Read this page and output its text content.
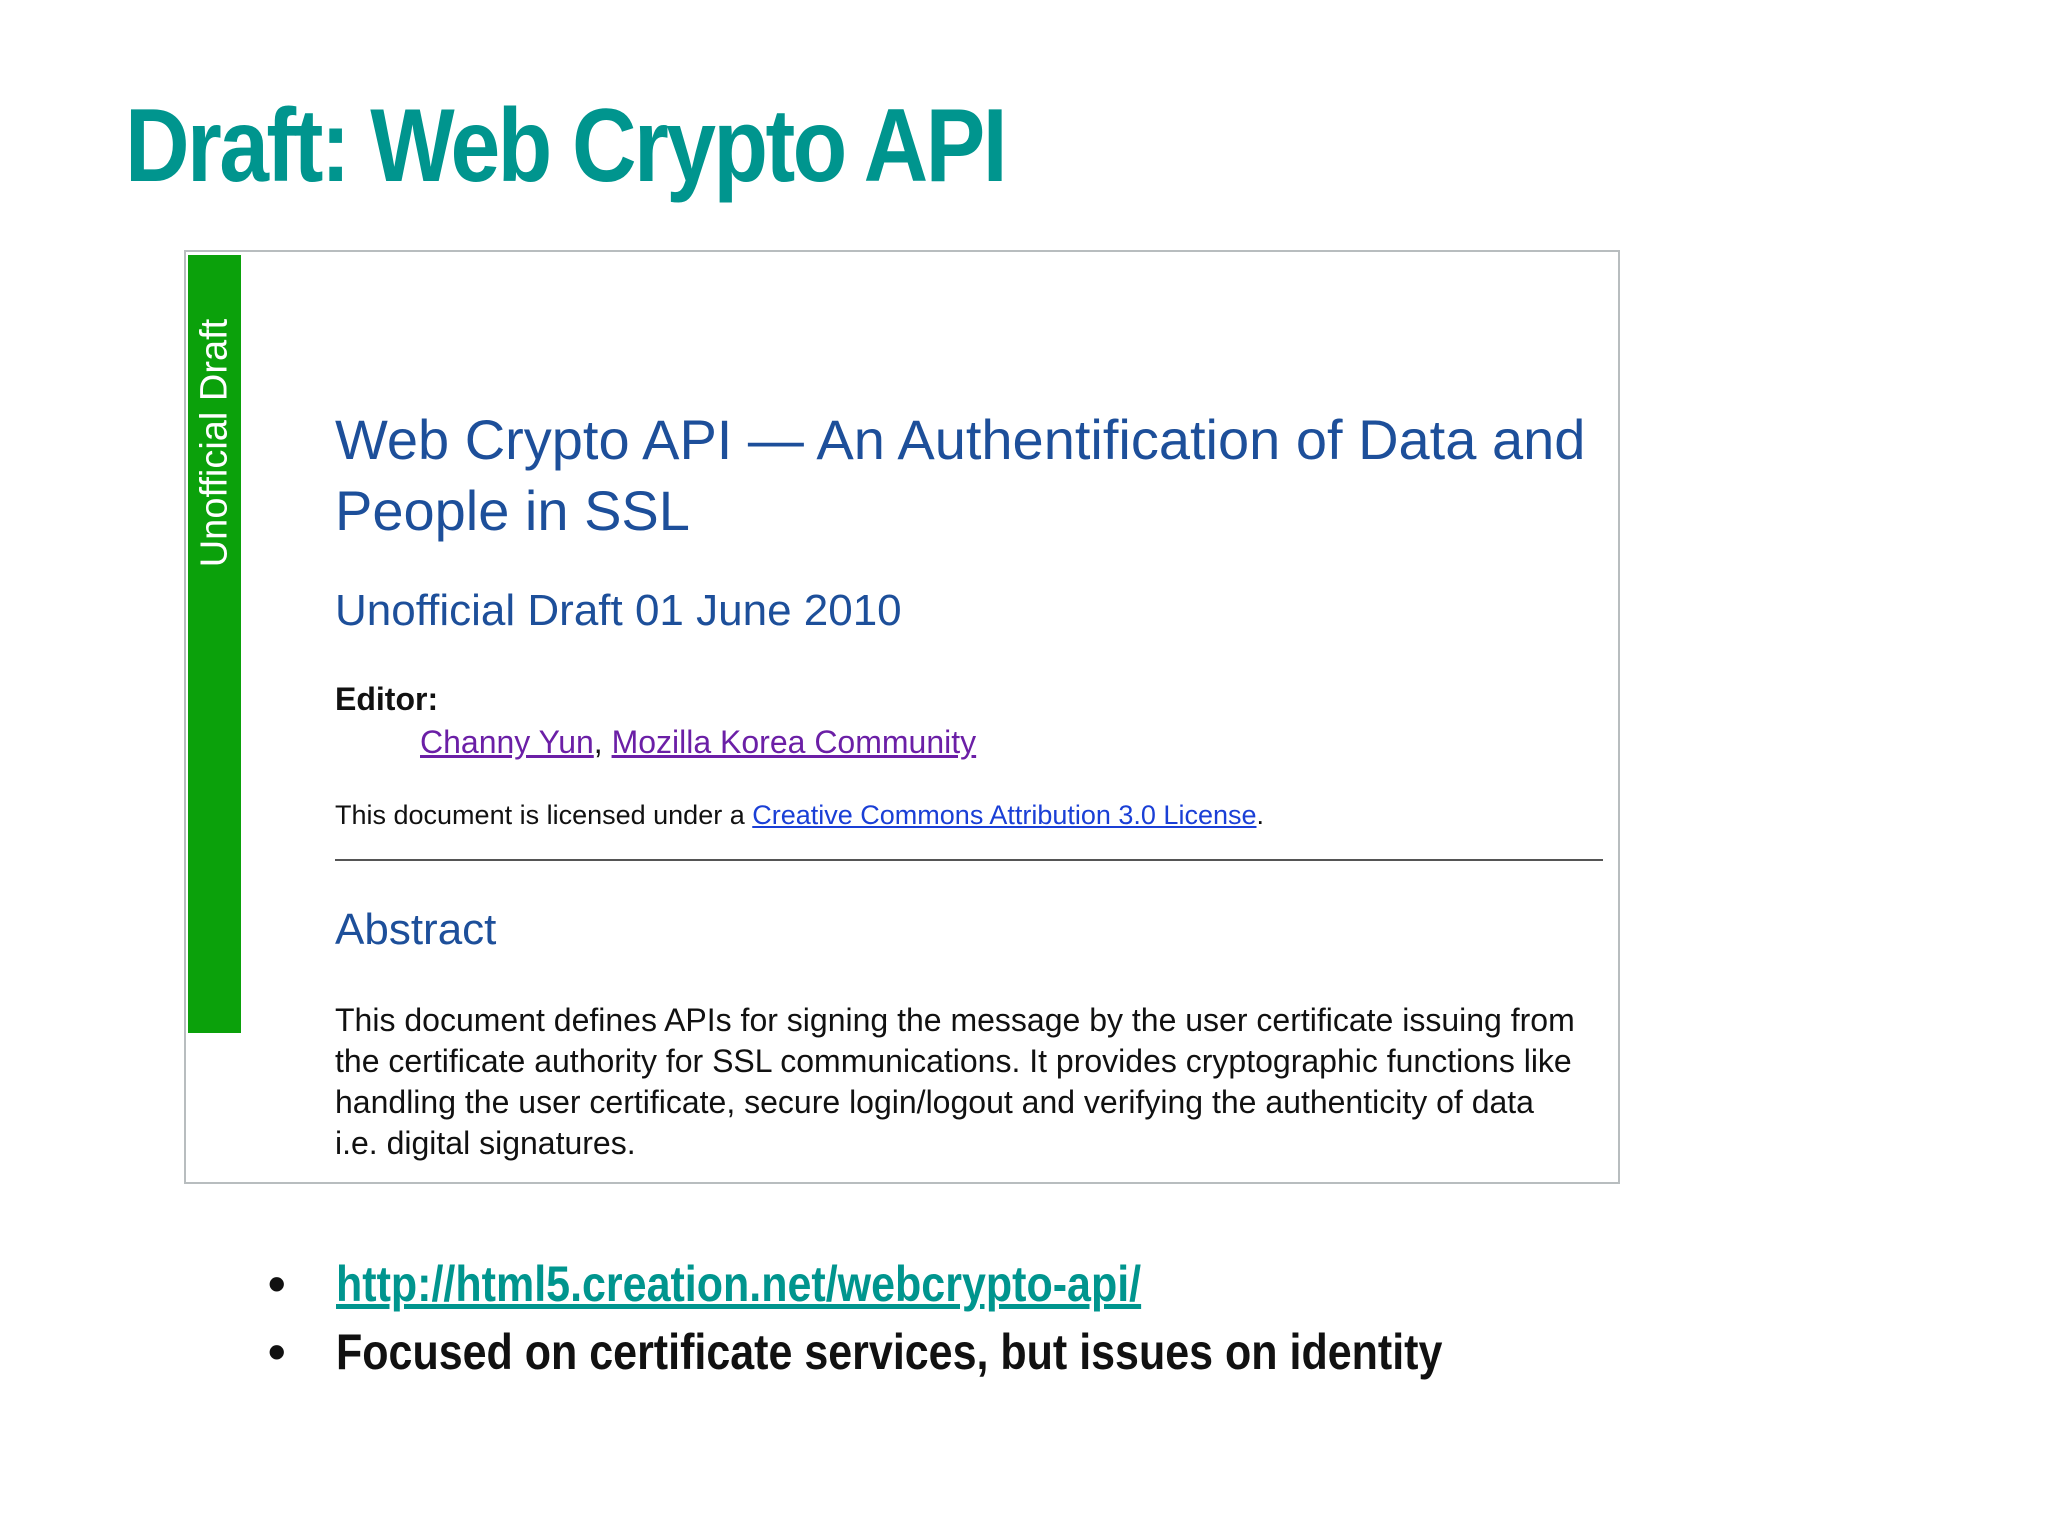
Draft: Web Crypto API
Unofficial Draft Web Crypto API — An Authentification of Data and People in SSL
Unofficial Draft 01 June 2010
Editor:
Channy Yun, Mozilla Korea Community
This document is licensed under a Creative Commons Attribution 3.0 License.
Abstract

This document defines APIs for signing the message by the user certificate issuing from the certificate authority for SSL communications. It provides cryptographic functions like handling the user certificate, secure login/logout and verifying the authenticity of data i.e. digital signatures.

• http://html5.creation.net/webcrypto-api/
• Focused on certificate services, but issues on identity
